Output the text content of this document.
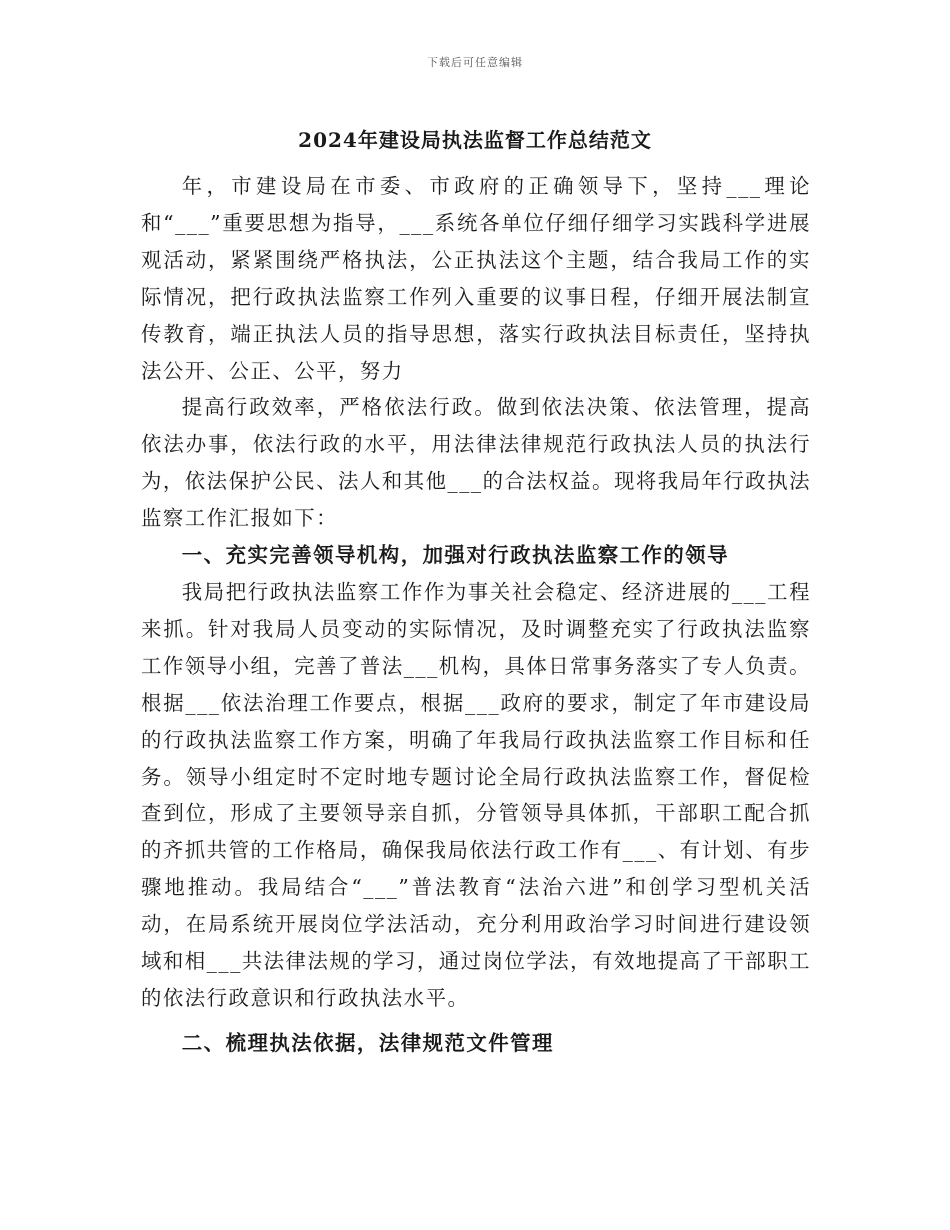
下载后可任意编辑
2024年建设局执法监督工作总结范文

年，市建设局在市委、市政府的正确领导下，坚持___理论和“___”重要思想为指导，___系统各单位仔细仔细学习实践科学进展观活动，紧紧围绕严格执法，公正执法这个主题，结合我局工作的实际情况，把行政执法监察工作列入重要的议事日程，仔细开展法制宣传教育，端正执法人员的指导思想，落实行政执法目标责任，坚持执法公开、公正、公平，努力

提高行政效率，严格依法行政。做到依法决策、依法管理，提高依法办事，依法行政的水平，用法律法律规范行政执法人员的执法行为，依法保护公民、法人和其他___的合法权益。现将我局年行政执法监察工作汇报如下：

一、充实完善领导机构，加强对行政执法监察工作的领导

我局把行政执法监察工作作为事关社会稳定、经济进展的___工程来抓。针对我局人员变动的实际情况，及时调整充实了行政执法监察工作领导小组，完善了普法___机构，具体日常事务落实了专人负责。根据___依法治理工作要点，根据___政府的要求，制定了年市建设局的行政执法监察工作方案，明确了年我局行政执法监察工作目标和任务。领导小组定时不定时地专题讨论全局行政执法监察工作，督促检查到位，形成了主要领导亲自抓，分管领导具体抓，干部职工配合抓的齐抓共管的工作格局，确保我局依法行政工作有___、有计划、有步骤地推动。我局结合“___”普法教育“法治六进”和创学习型机关活动，在局系统开展岗位学法活动，充分利用政治学习时间进行建设领域和相___共法律法规的学习，通过岗位学法，有效地提高了干部职工的依法行政意识和行政执法水平。

二、梳理执法依据，法律规范文件管理
